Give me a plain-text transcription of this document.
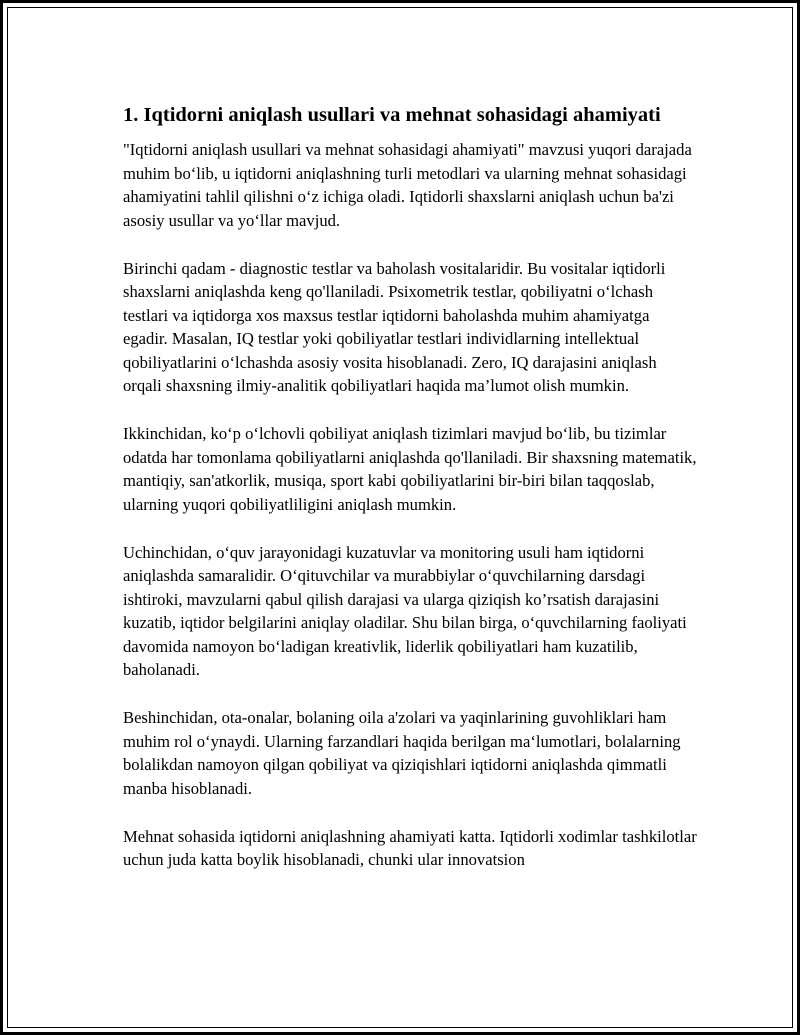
1. Iqtidorni aniqlash usullari va mehnat sohasidagi ahamiyati

"Iqtidorni aniqlash usullari va mehnat sohasidagi ahamiyati" mavzusi yuqori darajada muhim bo‘lib, u iqtidorni aniqlashning turli metodlari va ularning mehnat sohasidagi ahamiyatini tahlil qilishni o‘z ichiga oladi. Iqtidorli shaxslarni aniqlash uchun ba'zi asosiy usullar va yo‘llar mavjud.

Birinchi qadam - diagnostic testlar va baholash vositalaridir. Bu vositalar iqtidorli shaxslarni aniqlashda keng qo'llaniladi. Psixometrik testlar, qobiliyatni o‘lchash testlari va iqtidorga xos maxsus testlar iqtidorni baholashda muhim ahamiyatga egadir. Masalan, IQ testlar yoki qobiliyatlar testlari individlarning intellektual qobiliyatlarini o‘lchashda asosiy vosita hisoblanadi. Zero, IQ darajasini aniqlash orqali shaxsning ilmiy-analitik qobiliyatlari haqida ma’lumot olish mumkin.

Ikkinchidan, ko‘p o‘lchovli qobiliyat aniqlash tizimlari mavjud bo‘lib, bu tizimlar odatda har tomonlama qobiliyatlarni aniqlashda qo'llaniladi. Bir shaxsning matematik, mantiqiy, san'atkorlik, musiqa, sport kabi qobiliyatlarini bir-biri bilan taqqoslab, ularning yuqori qobiliyatliligini aniqlash mumkin.

Uchinchidan, o‘quv jarayonidagi kuzatuvlar va monitoring usuli ham iqtidorni aniqlashda samaralidir. O‘qituvchilar va murabbiylar o‘quvchilarning darsdagi ishtiroki, mavzularni qabul qilish darajasi va ularga qiziqish ko’rsatish darajasini kuzatib, iqtidor belgilarini aniqlay oladilar. Shu bilan birga, o‘quvchilarning faoliyati davomida namoyon bo‘ladigan kreativlik, liderlik qobiliyatlari ham kuzatilib, baholanadi.

Beshinchidan, ota-onalar, bolaning oila a'zolari va yaqinlarining guvohliklari ham muhim rol o‘ynaydi. Ularning farzandlari haqida berilgan ma‘lumotlari, bolalarning bolalikdan namoyon qilgan qobiliyat va qiziqishlari iqtidorni aniqlashda qimmatli manba hisoblanadi.

Mehnat sohasida iqtidorni aniqlashning ahamiyati katta. Iqtidorli xodimlar tashkilotlar uchun juda katta boylik hisoblanadi, chunki ular innovatsion
